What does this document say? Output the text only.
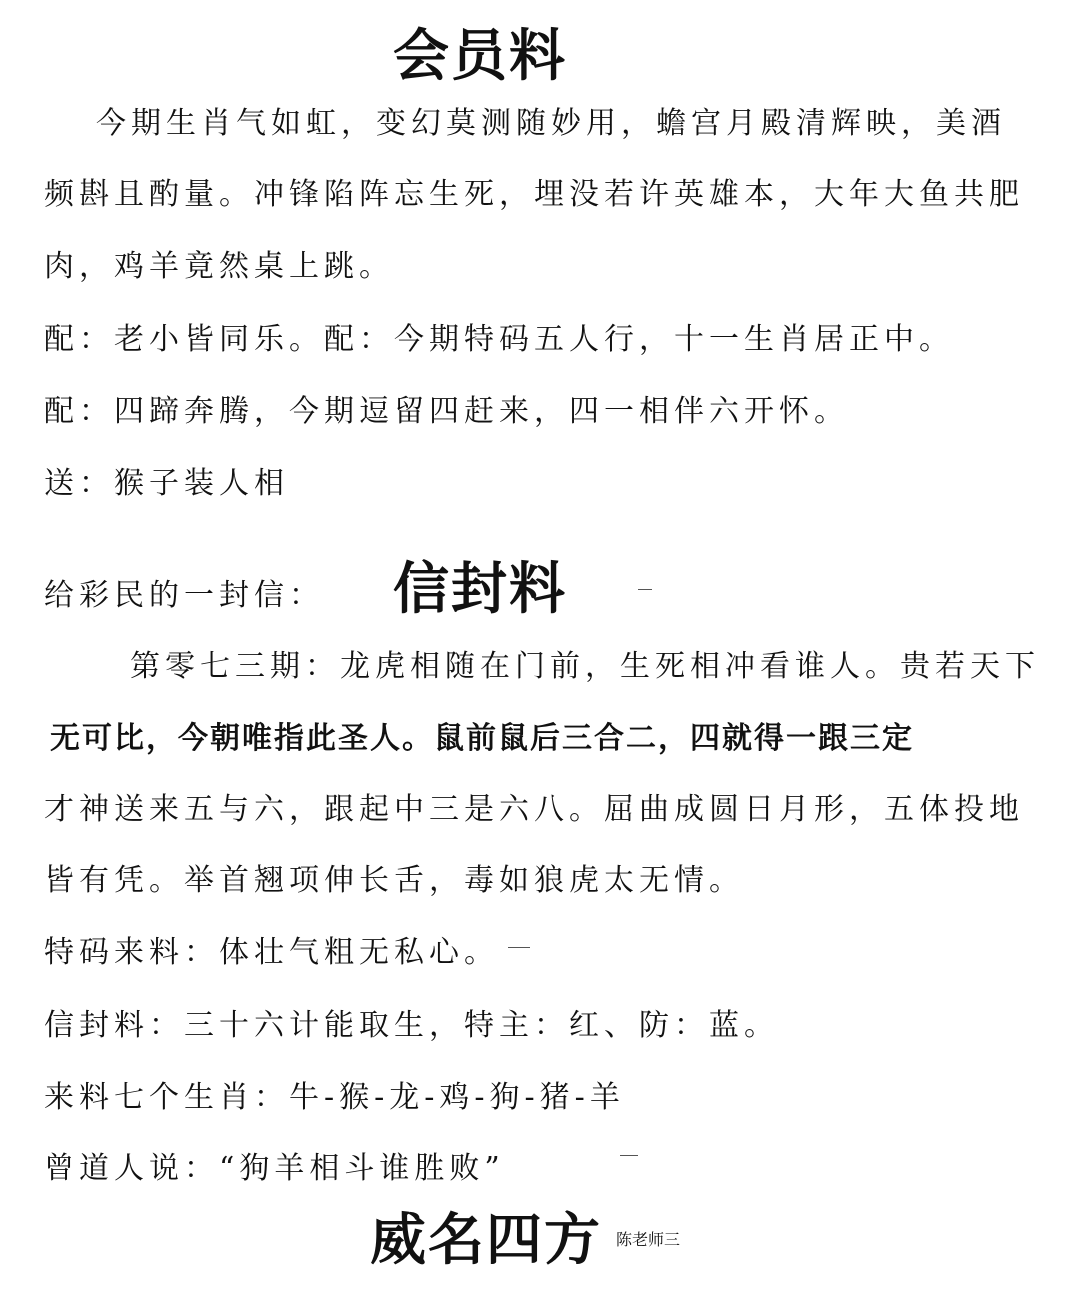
会员料
今期生肖气如虹，变幻莫测随妙用，蟾宫月殿清辉映，美酒
频斟且酌量。冲锋陷阵忘生死，埋没若许英雄本，大年大鱼共肥
肉，鸡羊竟然桌上跳。
配：老小皆同乐。配：今期特码五人行，十一生肖居正中。
配：四蹄奔腾，今期逗留四赶来，四一相伴六开怀。
送：猴子装人相
给彩民的一封信： 信封料
第零七三期：龙虎相随在门前，生死相冲看谁人。贵若天下
无可比，今朝唯指此圣人。鼠前鼠后三合二，四就得一跟三定
才神送来五与六，跟起中三是六八。屈曲成圆日月形，五体投地
皆有凭。举首翘项伸长舌，毒如狼虎太无情。
特码来料：体壮气粗无私心。
信封料：三十六计能取生，特主：红、防：蓝。
来料七个生肖：牛-猴-龙-鸡-狗-猪-羊
曾道人说：“狗羊相斗谁胜败”
威名四方 陈老师三
